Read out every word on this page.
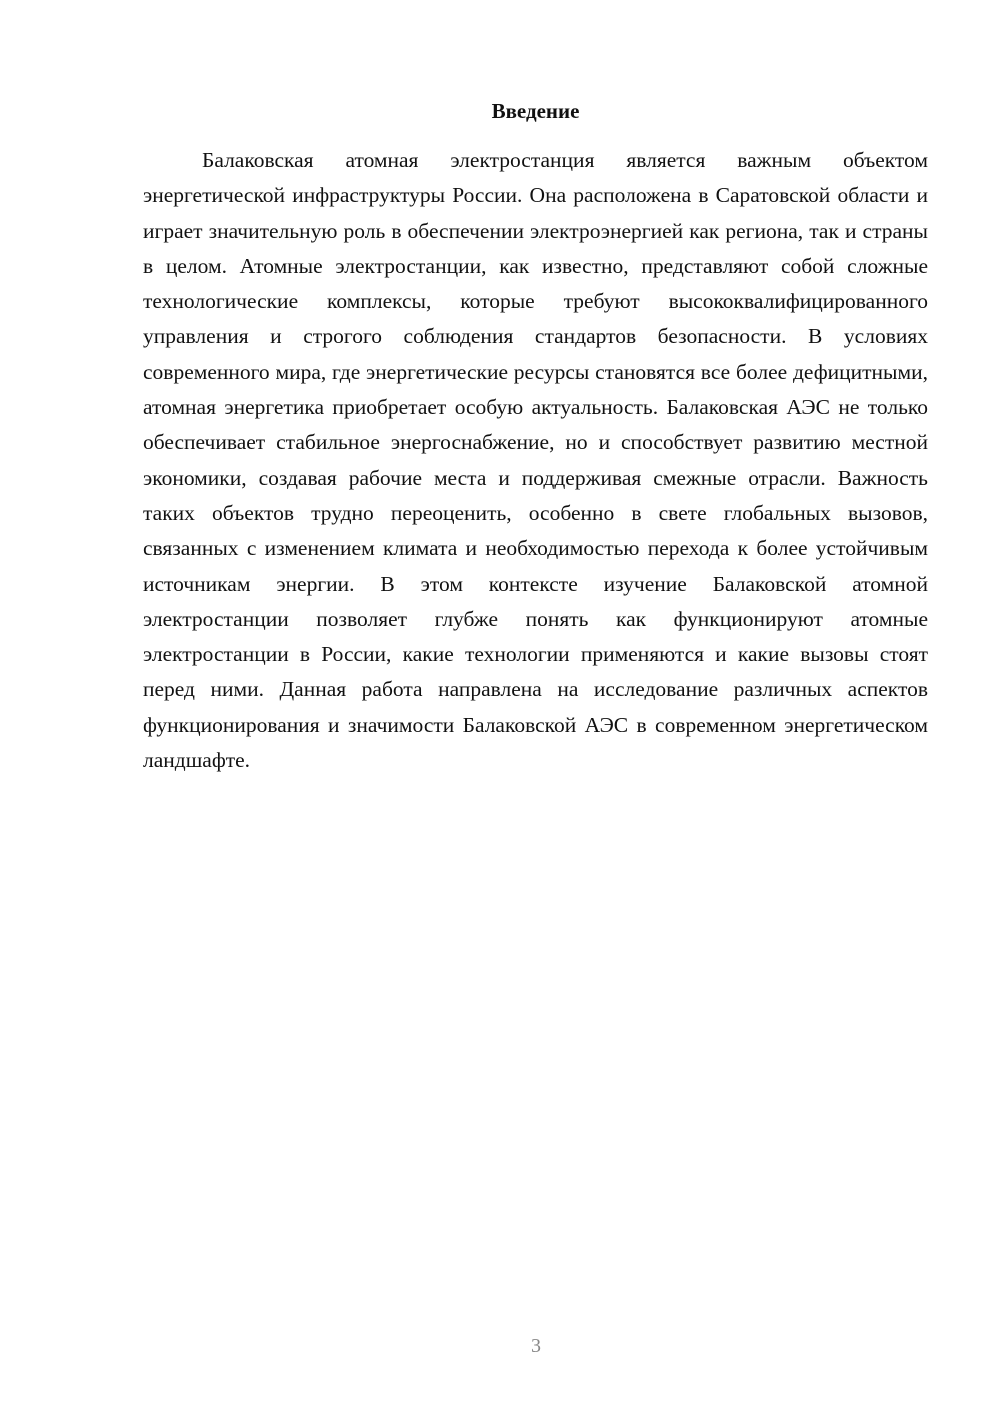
Введение

Балаковская атомная электростанция является важным объектом энергетической инфраструктуры России. Она расположена в Саратовской области и играет значительную роль в обеспечении электроэнергией как региона, так и страны в целом. Атомные электростанции, как известно, представляют собой сложные технологические комплексы, которые требуют высококвалифицированного управления и строгого соблюдения стандартов безопасности. В условиях современного мира, где энергетические ресурсы становятся все более дефицитными, атомная энергетика приобретает особую актуальность. Балаковская АЭС не только обеспечивает стабильное энергоснабжение, но и способствует развитию местной экономики, создавая рабочие места и поддерживая смежные отрасли. Важность таких объектов трудно переоценить, особенно в свете глобальных вызовов, связанных с изменением климата и необходимостью перехода к более устойчивым источникам энергии. В этом контексте изучение Балаковской атомной электростанции позволяет глубже понять как функционируют атомные электростанции в России, какие технологии применяются и какие вызовы стоят перед ними. Данная работа направлена на исследование различных аспектов функционирования и значимости Балаковской АЭС в современном энергетическом ландшафте.

3
